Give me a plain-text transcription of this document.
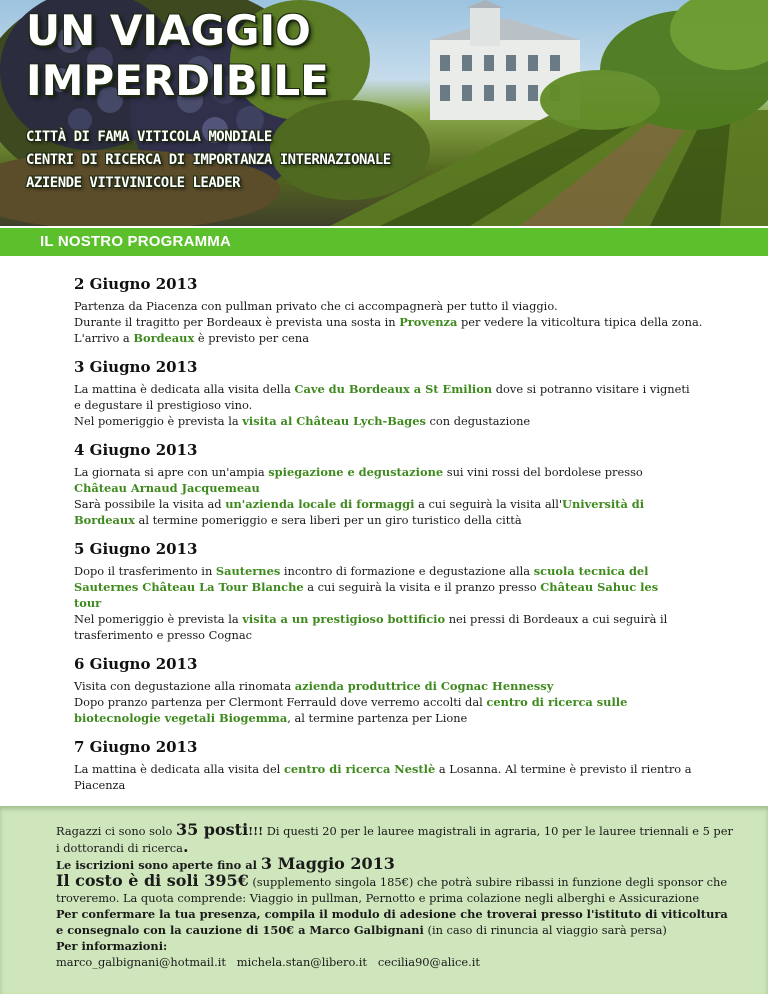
UN VIAGGIO
IMPERDIBILE
CITTÀ DI FAMA VITICOLA MONDIALE
CENTRI DI RICERCA DI IMPORTANZA INTERNAZIONALE
AZIENDE VITIVINICOLE LEADER
IL NOSTRO PROGRAMMA
2 Giugno 2013

Partenza da Piacenza con pullman privato che ci accompagnerà per tutto il viaggio.
Durante il tragitto per Bordeaux è prevista una sosta in Provenza per vedere la viticoltura tipica della zona.
L'arrivo a Bordeaux è previsto per cena

3 Giugno 2013

La mattina è dedicata alla visita della Cave du Bordeaux a St Emilion dove si potranno visitare i vigneti
e degustare il prestigioso vino.
Nel pomeriggio è prevista la visita al Château Lych-Bages con degustazione

4 Giugno 2013

La giornata si apre con un'ampia spiegazione e degustazione sui vini rossi del bordolese presso
Château Arnaud Jacquemeau
Sarà possibile la visita ad un'azienda locale di formaggi a cui seguirà la visita all'Università di
Bordeaux al termine pomeriggio e sera liberi per un giro turistico della città

5 Giugno 2013

Dopo il trasferimento in Sauternes incontro di formazione e degustazione alla scuola tecnica del
Sauternes Château La Tour Blanche a cui seguirà la visita e il pranzo presso Château Sahuc les
tour
Nel pomeriggio è prevista la visita a un prestigioso bottificio nei pressi di Bordeaux a cui seguirà il
trasferimento e presso Cognac

6 Giugno 2013

Visita con degustazione alla rinomata azienda produttrice di Cognac Hennessy
Dopo pranzo partenza per Clermont Ferrauld dove verremo accolti dal centro di ricerca sulle
biotecnologie vegetali Biogemma, al termine partenza per Lione

7 Giugno 2013

La mattina è dedicata alla visita del centro di ricerca Nestlè a Losanna. Al termine è previsto il rientro a
Piacenza

Ragazzi ci sono solo 35 posti!!! Di questi 20 per le lauree magistrali in agraria, 10 per le lauree triennali e 5 per i dottorandi di ricerca.

Le iscrizioni sono aperte fino al 3 Maggio 2013

Il costo è di soli 395€ (supplemento singola 185€) che potrà subire ribassi in funzione degli sponsor che troveremo. La quota comprende: Viaggio in pullman, Pernotto e prima colazione negli alberghi e Assicurazione

Per confermare la tua presenza, compila il modulo di adesione che troverai presso l'istituto di viticoltura e consegnalo con la cauzione di 150€ a Marco Galbignani (in caso di rinuncia al viaggio sarà persa)

Per informazioni:

marco_galbignani@hotmail.it michela.stan@libero.it cecilia90@alice.it
